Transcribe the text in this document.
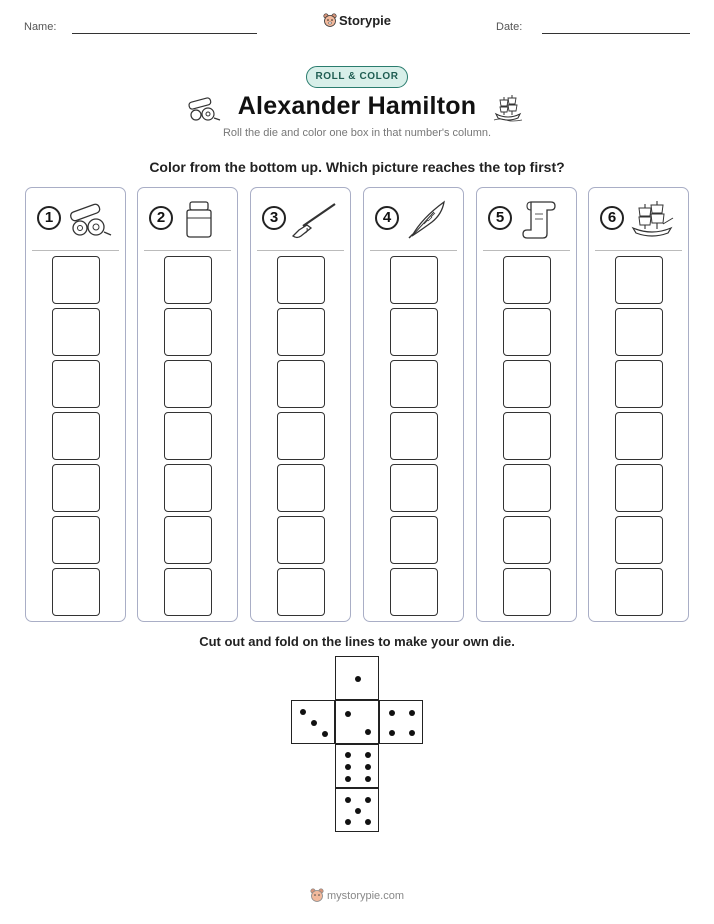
Name:	Storypie	Date:
ROLL & COLOR
Alexander Hamilton
Roll the die and color one box in that number's column.
Color from the bottom up. Which picture reaches the top first?
1	2	3	4	5	6
Cut out and fold on the lines to make your own die.
mystorypie.com
